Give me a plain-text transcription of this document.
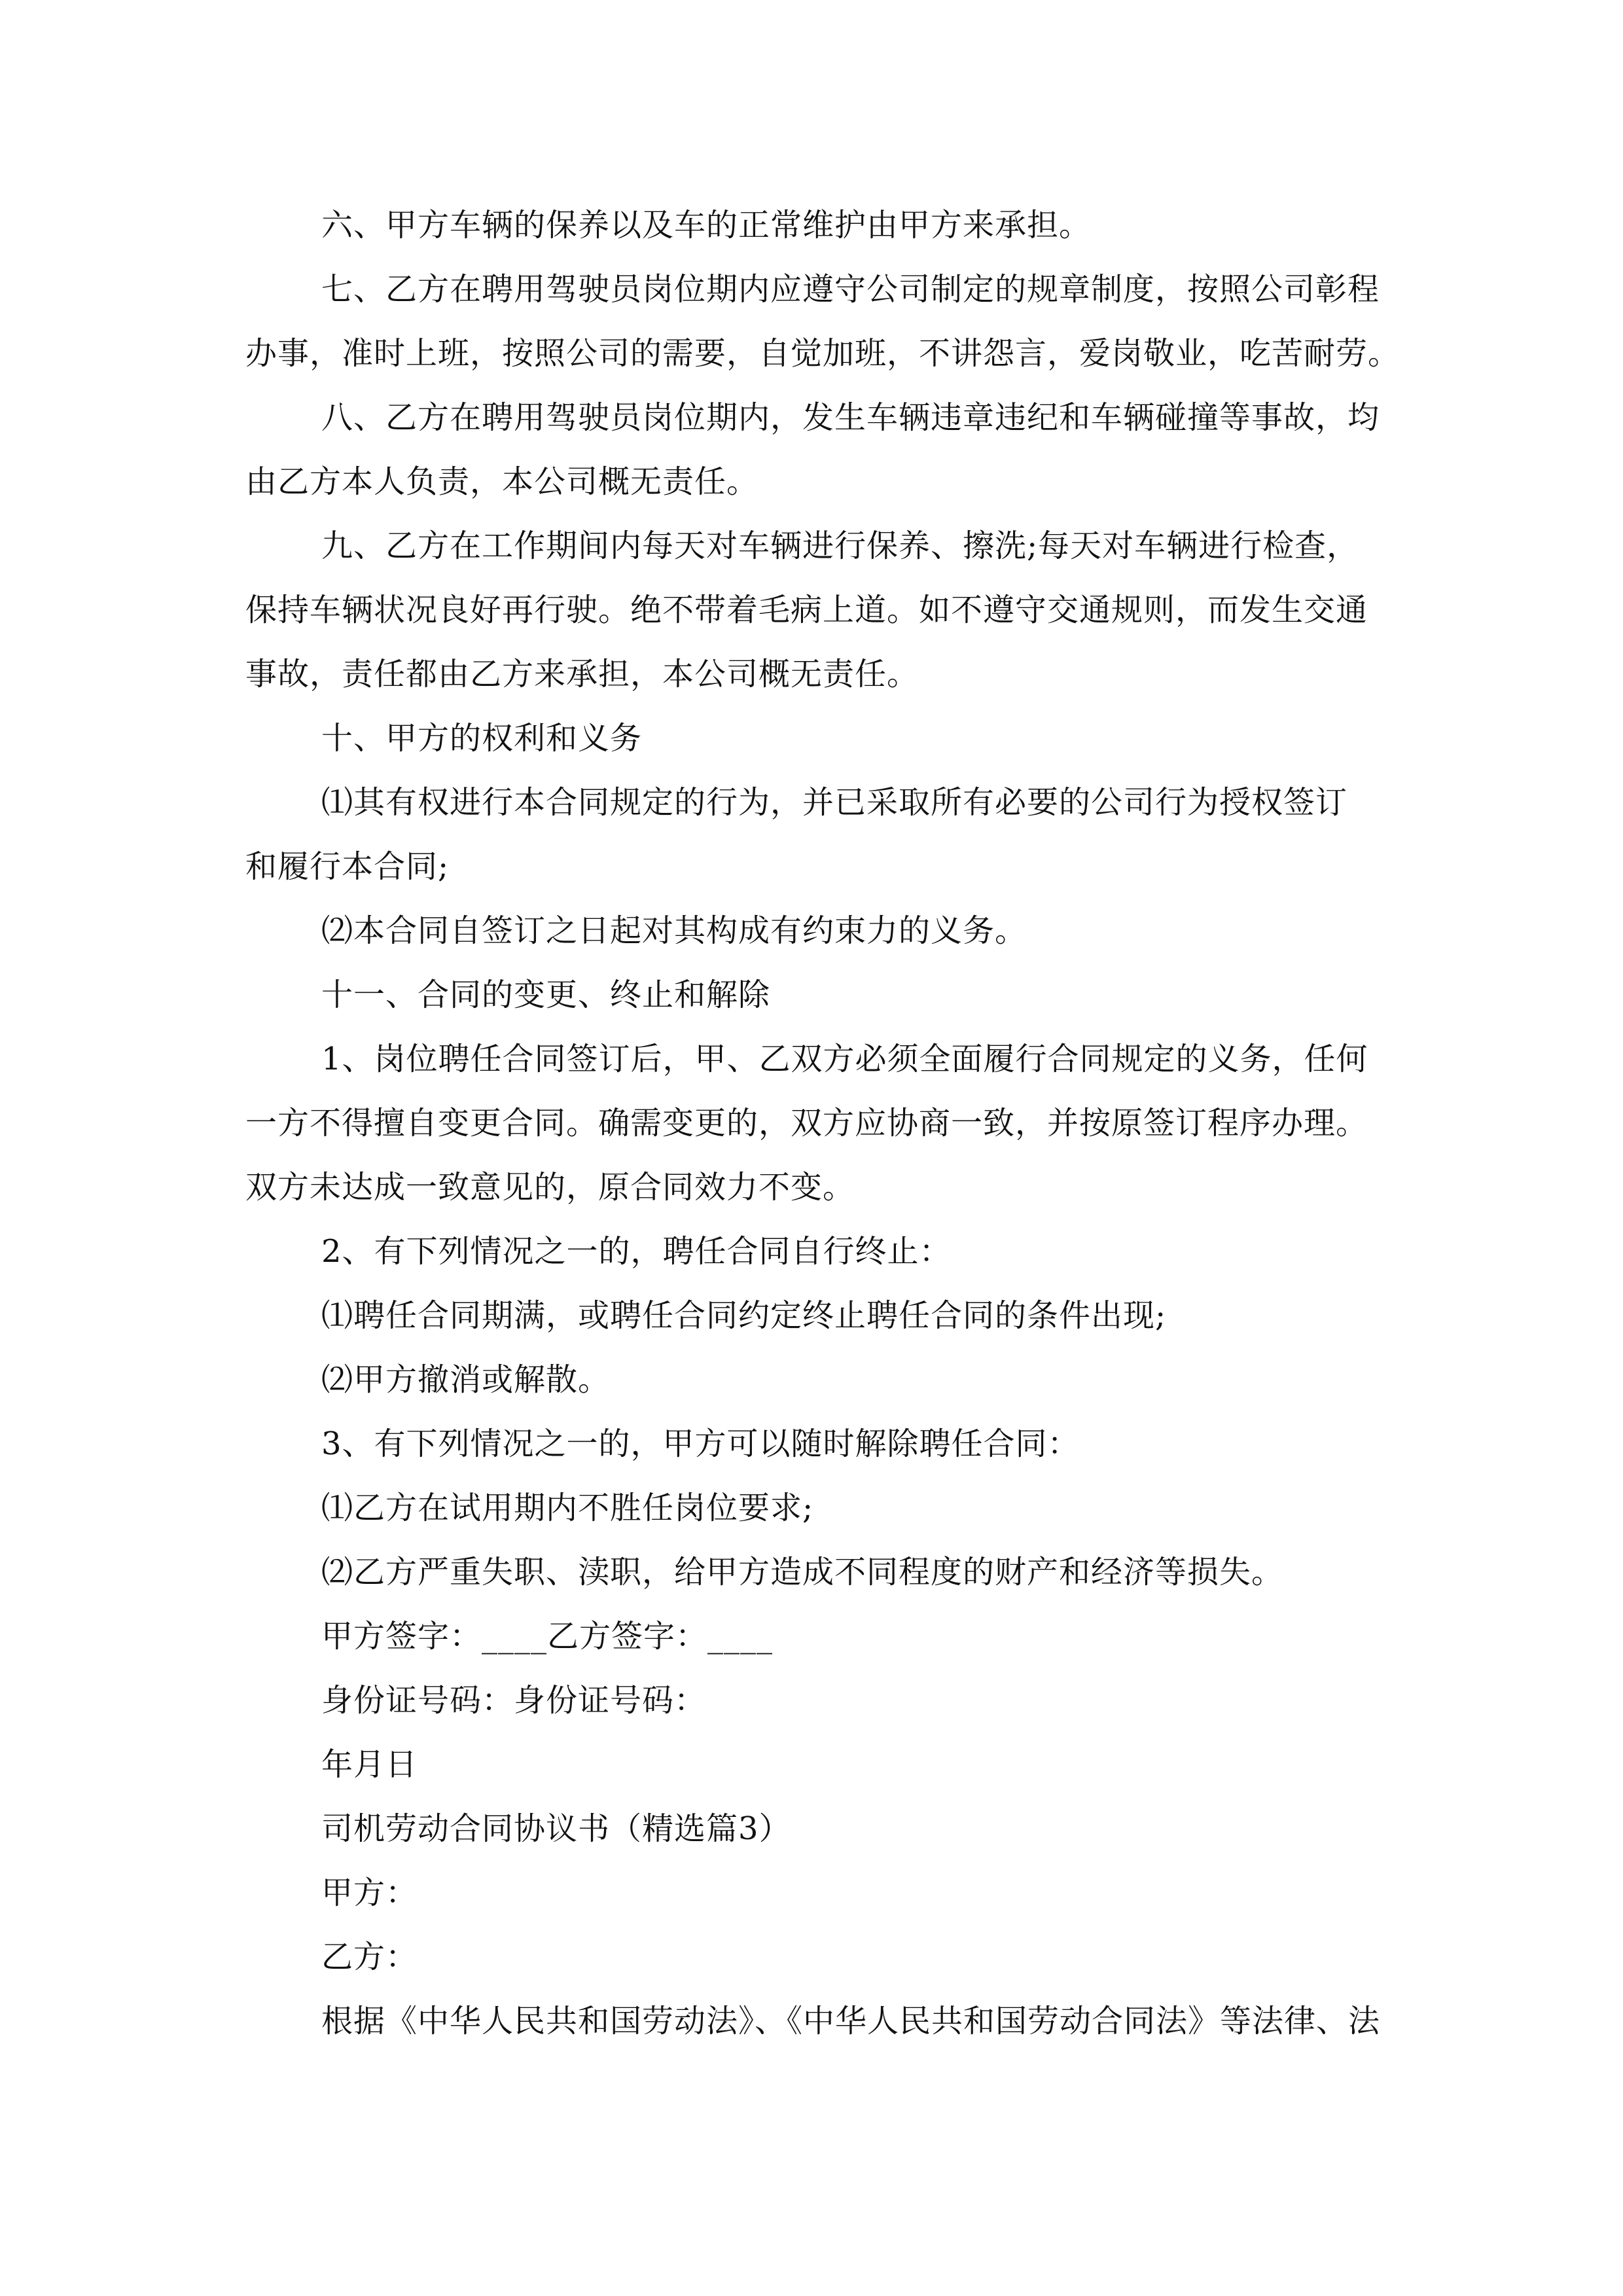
六、甲方车辆的保养以及车的正常维护由甲方来承担。
七、乙方在聘用驾驶员岗位期内应遵守公司制定的规章制度，按照公司彰程
办事，准时上班，按照公司的需要，自觉加班，不讲怨言，爱岗敬业，吃苦耐劳。
八、乙方在聘用驾驶员岗位期内，发生车辆违章违纪和车辆碰撞等事故，均
由乙方本人负责，本公司概无责任。
九、乙方在工作期间内每天对车辆进行保养、擦洗;每天对车辆进行检查，
保持车辆状况良好再行驶。绝不带着毛病上道。如不遵守交通规则，而发生交通
事故，责任都由乙方来承担，本公司概无责任。
十、甲方的权利和义务
⑴其有权进行本合同规定的行为，并已采取所有必要的公司行为授权签订
和履行本合同;
⑵本合同自签订之日起对其构成有约束力的义务。
十一、合同的变更、终止和解除
1、岗位聘任合同签订后，甲、乙双方必须全面履行合同规定的义务，任何
一方不得擅自变更合同。确需变更的，双方应协商一致，并按原签订程序办理。
双方未达成一致意见的，原合同效力不变。
2、有下列情况之一的，聘任合同自行终止：
⑴聘任合同期满，或聘任合同约定终止聘任合同的条件出现;
⑵甲方撤消或解散。
3、有下列情况之一的，甲方可以随时解除聘任合同：
⑴乙方在试用期内不胜任岗位要求;
⑵乙方严重失职、渎职，给甲方造成不同程度的财产和经济等损失。
甲方签字：____乙方签字：____
身份证号码：身份证号码：
年月日
司机劳动合同协议书（精选篇3）
甲方：
乙方：
根据《中华人民共和国劳动法》、《中华人民共和国劳动合同法》等法律、法
